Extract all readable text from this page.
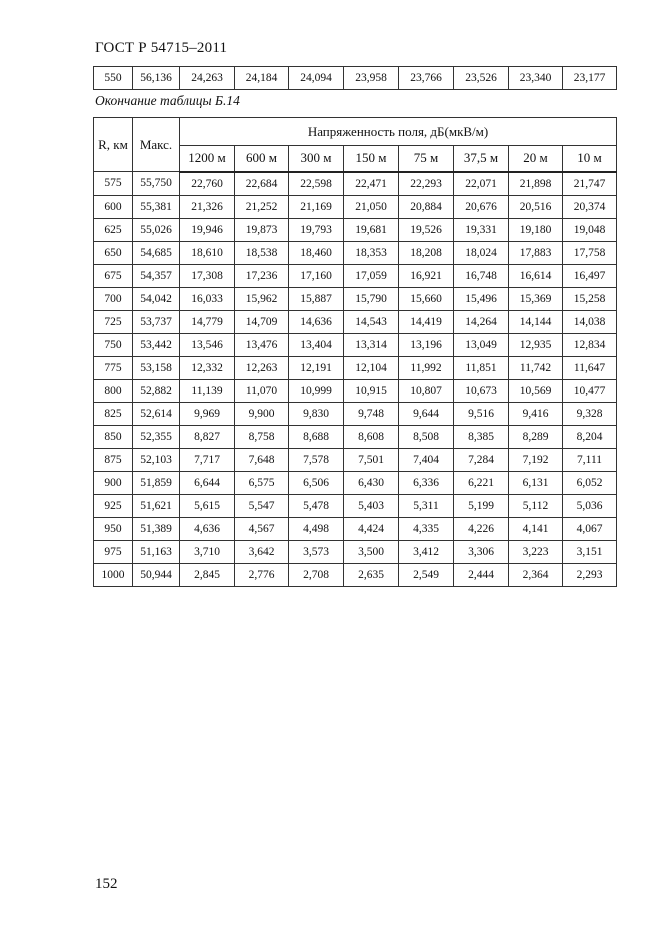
ГОСТ Р 54715–2011
550	56,136	24,263	24,184	24,094	23,958	23,766	23,526	23,340	23,177
Окончание таблицы Б.14
R, км	Макс.	Напряженность поля, дБ(мкВ/м)							
		1200 м	600 м	300 м	150 м	75 м	37,5 м	20 м	10 м
575	55,750	22,760	22,684	22,598	22,471	22,293	22,071	21,898	21,747
600	55,381	21,326	21,252	21,169	21,050	20,884	20,676	20,516	20,374
625	55,026	19,946	19,873	19,793	19,681	19,526	19,331	19,180	19,048
650	54,685	18,610	18,538	18,460	18,353	18,208	18,024	17,883	17,758
675	54,357	17,308	17,236	17,160	17,059	16,921	16,748	16,614	16,497
700	54,042	16,033	15,962	15,887	15,790	15,660	15,496	15,369	15,258
725	53,737	14,779	14,709	14,636	14,543	14,419	14,264	14,144	14,038
750	53,442	13,546	13,476	13,404	13,314	13,196	13,049	12,935	12,834
775	53,158	12,332	12,263	12,191	12,104	11,992	11,851	11,742	11,647
800	52,882	11,139	11,070	10,999	10,915	10,807	10,673	10,569	10,477
825	52,614	9,969	9,900	9,830	9,748	9,644	9,516	9,416	9,328
850	52,355	8,827	8,758	8,688	8,608	8,508	8,385	8,289	8,204
875	52,103	7,717	7,648	7,578	7,501	7,404	7,284	7,192	7,111
900	51,859	6,644	6,575	6,506	6,430	6,336	6,221	6,131	6,052
925	51,621	5,615	5,547	5,478	5,403	5,311	5,199	5,112	5,036
950	51,389	4,636	4,567	4,498	4,424	4,335	4,226	4,141	4,067
975	51,163	3,710	3,642	3,573	3,500	3,412	3,306	3,223	3,151
1000	50,944	2,845	2,776	2,708	2,635	2,549	2,444	2,364	2,293
152
